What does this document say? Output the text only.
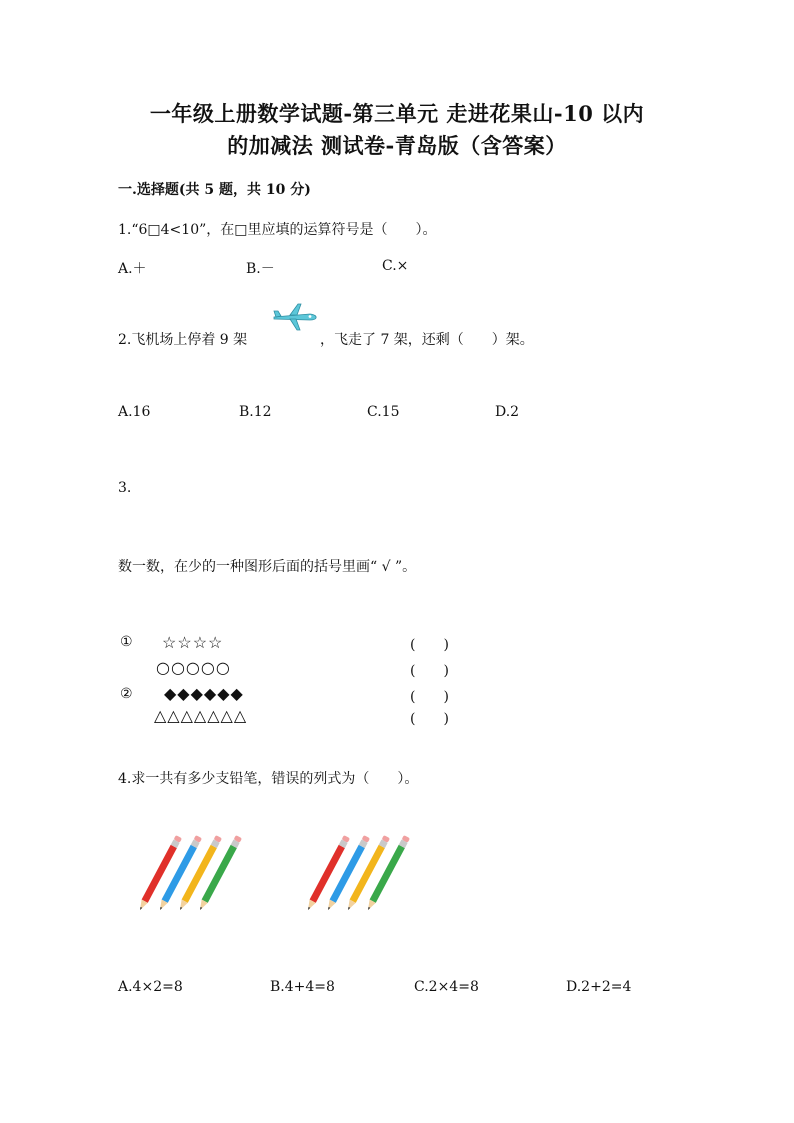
一年级上册数学试题-第三单元 走进花果山-10 以内
的加减法 测试卷-青岛版（含答案）
一.选择题(共 5 题，共 10 分)
1.“6□4<10”，在□里应填的运算符号是（　　）。
A.＋	B.－	C.×
2.飞机场上停着 9 架	，飞走了 7 架，还剩（　　）架。
A.16	B.12	C.15	D.2
3.
数一数，在少的一种图形后面的括号里画“ √ ”。
① ☆☆☆☆	(　　)
○○○○○	(　　)
② ◆◆◆◆◆◆	(　　)
△△△△△△△	(　　)
4.求一共有多少支铅笔，错误的列式为（　　）。
A.4×2=8	B.4+4=8	C.2×4=8	D.2+2=4
